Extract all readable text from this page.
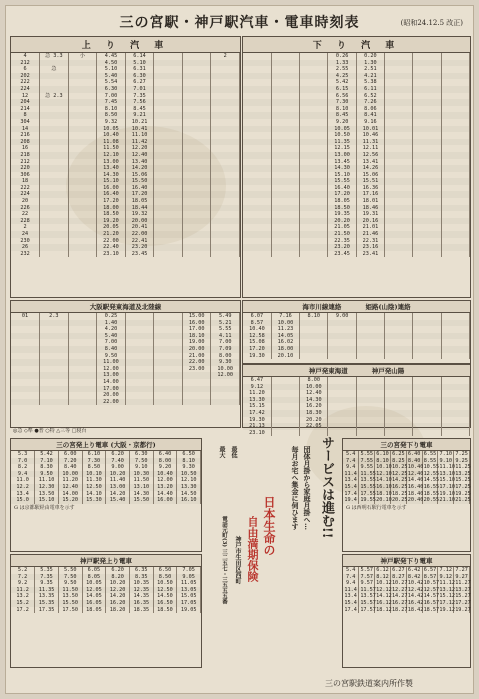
三の宮駅・神戸駅汽車・電車時刻表	(昭和24.12.5 改正)
上 り 汽 車
4	急 3.3	小	4.45	6.14			2
212			4.50	5.10			
6	急		5.10	6.31			
202			5.40	6.30			
222			5.54	6.27			
224			6.30	7.01			
12	急 2.3		7.00	7.35			
204			7.45	7.56			
214			8.10	8.45			
8			8.50	9.21			
304			9.32	10.21			
14			10.05	10.41			
216			10.40	11.10			
208			11.08	11.42			
16			11.50	12.20			
218			12.10	12.40			
212			13.00	13.40			
220			13.40	14.20			
306			14.30	15.06			
18			15.10	15.50			
222			16.00	16.40			
224			16.40	17.20			
20			17.20	18.05			
226			18.00	18.44			
22			18.50	19.32			
228			19.20	20.00			
2			20.05	20.41			
24			21.20	22.00			
230			22.00	22.41			
26			22.40	23.20			
232			23.10	23.45			
下 り 汽 車
			0.26	0.20			
			1.33	1.30			
			2.55	2.51			
			4.25	4.21			
			5.42	5.38			
			6.15	6.11			
			6.56	6.52			
			7.30	7.26			
			8.10	8.06			
			8.45	8.41			
			9.20	9.16			
			10.05	10.01			
			10.50	10.46			
			11.35	11.31			
			12.15	12.11			
			13.00	12.56			
			13.45	13.41			
			14.30	14.26			
			15.10	15.06			
			15.55	15.51			
			16.40	16.36			
			17.20	17.16			
			18.05	18.01			
			18.50	18.46			
			19.35	19.31			
			20.20	20.16			
			21.05	21.01			
			21.50	21.46			
			22.35	22.31			
			23.20	23.16			
			23.45	23.41			
大阪駅発東海道及北陸線
01	2.3		0.25			15.00	5.49
			1.40			16.00	5.21
			4.20			17.00	5.55
			5.40			18.10	4.11
			7.00			19.00	7.00
			8.40			20.00	7.09
			9.50			21.00	8.00
			11.00			22.00	9.30
			12.00			23.00	10.00
			13.00				12.00
			14.00				
			17.00				
			20.00				
			22.00				
海市川線連絡 　　　	姫路(山陰)連絡
6.07	7.16	8.10	9.00				
8.57	10.00						
10.40	11.23						
12.58	14.05						
15.08	16.02						
17.20	18.00						
19.30	20.10						
神戸発東海道 　　　	神戸発山陽
6.47		8.00					
9.12		10.00					
11.20		12.40					
13.30		14.30					
15.15		16.20					
17.42		18.30					
19.30		20.20					
21.13		22.05					
23.10							
◎急 ◇準 ●普 ○特 △三等 □寝台
三の宮発上り電車 (大阪・京都行)
5.3	5.42	6.00	6.10	6.20	6.30	6.40	6.50
7.0	7.10	7.20	7.30	7.40	7.50	8.00	8.10
8.2	8.30	8.40	8.50	9.00	9.10	9.20	9.30
9.4	9.50	10.00	10.10	10.20	10.30	10.40	10.50
11.0	11.10	11.20	11.30	11.40	11.50	12.00	12.10
12.2	12.30	12.40	12.50	13.00	13.10	13.20	13.30
13.4	13.50	14.00	14.10	14.20	14.30	14.40	14.50
15.0	15.10	15.20	15.30	15.40	15.50	16.00	16.10
G は京都駅経由電車を示す
神戸駅発上り電車
5.2	5.35	5.50	6.05	6.20	6.35	6.50	7.05
7.2	7.35	7.50	8.05	8.20	8.35	8.50	9.05
9.2	9.35	9.50	10.05	10.20	10.35	10.50	11.05
11.2	11.35	11.50	12.05	12.20	12.35	12.50	13.05
13.2	13.35	13.50	14.05	14.20	14.35	14.50	15.05
15.2	15.35	15.50	16.05	16.20	16.35	16.50	17.05
17.2	17.35	17.50	18.05	18.20	18.35	18.50	19.05
サービスは進む!!
団体月掛から家庭月掛へ…
毎月お宅へ集金に伺ひます
日本生命の
自由満期保険
最低
最大
神戸市生田区西町
電話元町(3) 三二五七・三五五五番
三の宮発下り電車
5.4	5.55	6.10	6.25	6.40	6.55	7.10	7.25
7.4	7.55	8.10	8.25	8.40	8.55	9.10	9.25
9.4	9.55	10.10	10.25	10.40	10.55	11.10	11.25
11.4	11.55	12.10	12.25	12.40	12.55	13.10	13.25
13.4	13.55	14.10	14.25	14.40	14.55	15.10	15.25
15.4	15.55	16.10	16.25	16.40	16.55	17.10	17.25
17.4	17.55	18.10	18.25	18.40	18.55	19.10	19.25
19.4	19.55	20.10	20.25	20.40	20.55	21.10	21.25
G は西明石駅行電車を示す
神戸駅発下り電車
5.4	5.57	6.12	6.27	6.42	6.57	7.12	7.27
7.4	7.57	8.12	8.27	8.42	8.57	9.12	9.27
9.4	9.57	10.12	10.27	10.42	10.57	11.12	11.27
11.4	11.57	12.12	12.27	12.42	12.57	13.12	13.27
13.4	13.57	14.12	14.27	14.42	14.57	15.12	15.27
15.4	15.57	16.12	16.27	16.42	16.57	17.12	17.27
17.4	17.57	18.12	18.27	18.42	18.57	19.12	19.27
三の宮駅鉄道案内所作製
